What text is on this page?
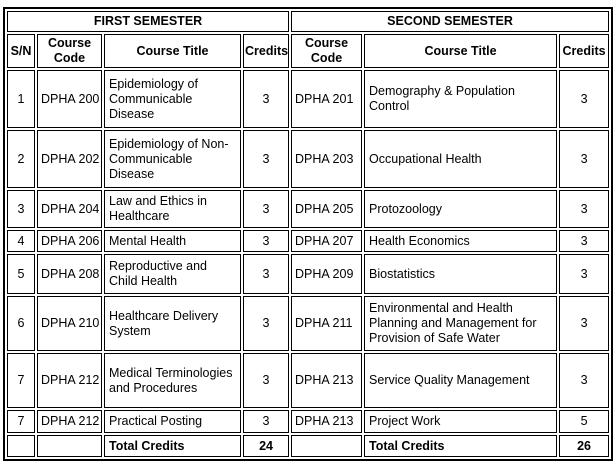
FIRST SEMESTER				SECOND SEMESTER		
S/N	Course Code	Course Title	Credits	Course Code	Course Title	Credits
1	DPHA 200	Epidemiology of Communicable Disease	3	DPHA 201	Demography & Population Control	3
2	DPHA 202	Epidemiology of Non-Communicable Disease	3	DPHA 203	Occupational Health	3
3	DPHA 204	Law and Ethics in Healthcare	3	DPHA 205	Protozoology	3
4	DPHA 206	Mental Health	3	DPHA 207	Health Economics	3
5	DPHA 208	Reproductive and Child Health	3	DPHA 209	Biostatistics	3
6	DPHA 210	Healthcare Delivery System	3	DPHA 211	Environmental and Health Planning and Management for Provision of Safe Water	3
7	DPHA 212	Medical Terminologies and Procedures	3	DPHA 213	Service Quality Management	3
7	DPHA 212	Practical Posting	3	DPHA 213	Project Work	5
		Total Credits	24		Total Credits	26
